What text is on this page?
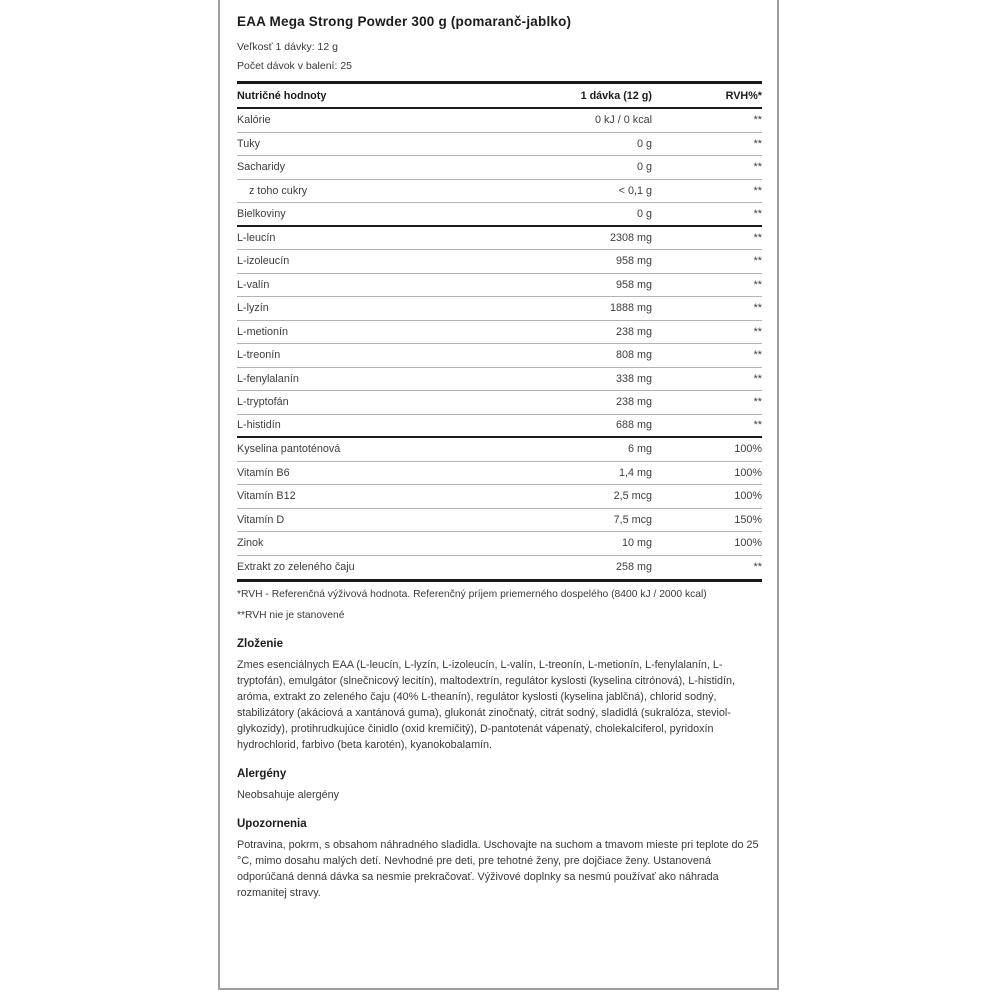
EAA Mega Strong Powder 300 g (pomaranč-jablko)
Veľkosť 1 dávky: 12 g
Počet dávok v balení: 25
Nutričné hodnoty	1 dávka (12 g)	RVH%*
Kalórie	0 kJ / 0 kcal	**
Tuky	0 g	**
Sacharidy	0 g	**
z toho cukry	< 0,1 g	**
Bielkoviny	0 g	**
L-leucín	2308 mg	**
L-izoleucín	958 mg	**
L-valín	958 mg	**
L-lyzín	1888 mg	**
L-metionín	238 mg	**
L-treonín	808 mg	**
L-fenylalanín	338 mg	**
L-tryptofán	238 mg	**
L-histidín	688 mg	**
Kyselina pantoténová	6 mg	100%
Vitamín B6	1,4 mg	100%
Vitamín B12	2,5 mcg	100%
Vitamín D	7,5 mcg	150%
Zinok	10 mg	100%
Extrakt zo zeleného čaju	258 mg	**

*RVH - Referenčná výživová hodnota. Referenčný príjem priemerného dospelého (8400 kJ / 2000 kcal)

**RVH nie je stanovené

Zloženie

Zmes esenciálnych EAA (L-leucín, L-lyzín, L-izoleucín, L-valín, L-treonín, L-metionín, L-fenylalanín, L-tryptofán), emulgátor (slnečnicový lecitín), maltodextrín, regulátor kyslosti (kyselina citrónová), L-histidín, aróma, extrakt zo zeleného čaju (40% L-theanín), regulátor kyslosti (kyselina jablčná), chlorid sodný, stabilizátory (akáciová a xantánová guma), glukonát zinočnatý, citrát sodný, sladidlá (sukralóza, steviol-glykozidy), protihrudkujúce činidlo (oxid kremičitý), D-pantotenát vápenatý, cholekalciferol, pyridoxín hydrochlorid, farbivo (beta karotén), kyanokobalamín.

Alergény

Neobsahuje alergény

Upozornenia

Potravina, pokrm, s obsahom náhradného sladidla. Uschovajte na suchom a tmavom mieste pri teplote do 25 °C, mimo dosahu malých detí. Nevhodné pre deti, pre tehotné ženy, pre dojčiace ženy. Ustanovená odporúčaná denná dávka sa nesmie prekračovať. Výživové doplnky sa nesmú používať ako náhrada rozmanitej stravy.
